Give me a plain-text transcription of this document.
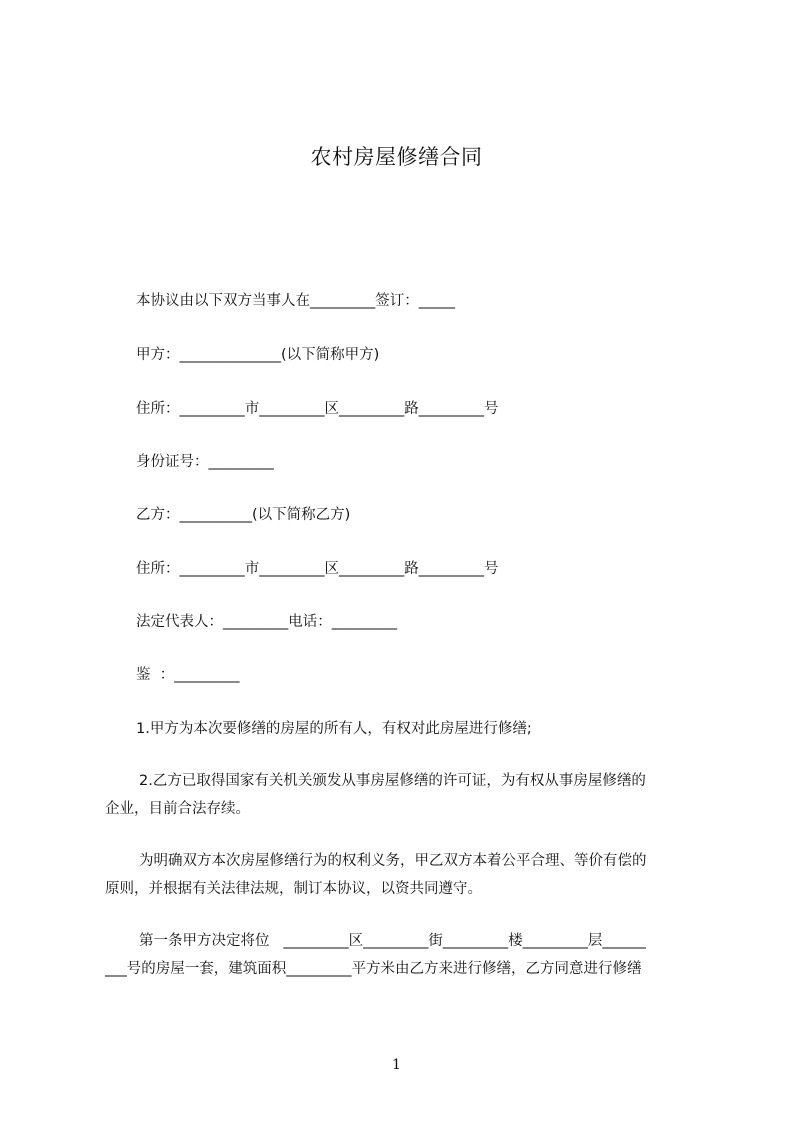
农村房屋修缮合同
本协议由以下双方当事人在_________签订：_____
甲方：______________(以下简称甲方)
住所：_________市_________区_________路_________号
身份证号：_________
乙方：__________(以下简称乙方)
住所：_________市_________区_________路_________号
法定代表人：_________电话：_________
鉴  ：_________
1.甲方为本次要修缮的房屋的所有人，有权对此房屋进行修缮;
2.乙方已取得国家有关机关颁发从事房屋修缮的许可证，为有权从事房屋修缮的
企业，目前合法存续。
为明确双方本次房屋修缮行为的权利义务，甲乙双方本着公平合理、等价有偿的
原则，并根据有关法律法规，制订本协议，以资共同遵守。
第一条甲方决定将位   _________区_________街_________楼_________层______
___号的房屋一套，建筑面积_________平方米由乙方来进行修缮，乙方同意进行修缮
1
